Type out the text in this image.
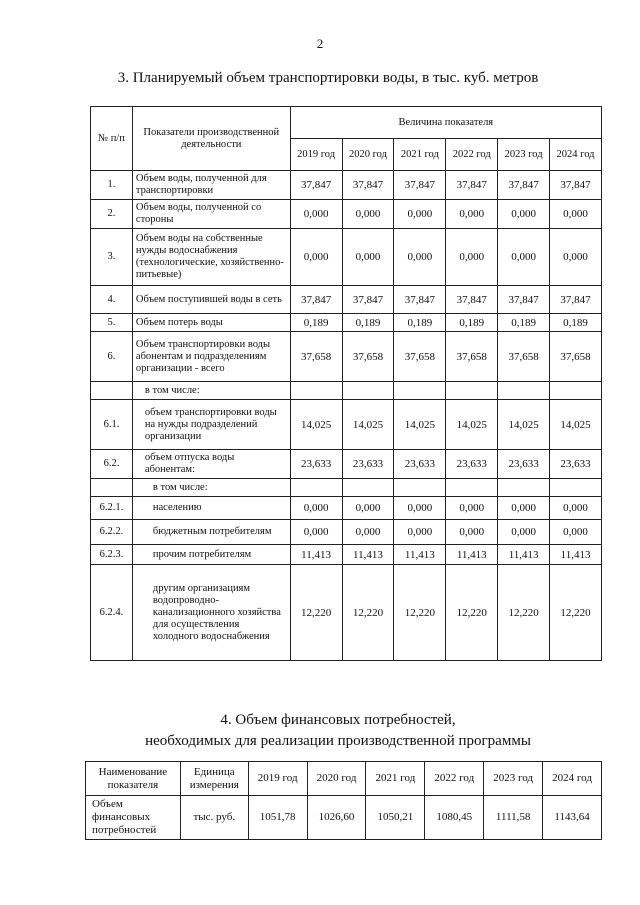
2
3. Планируемый объем транспортировки воды, в тыс. куб. метров
№ п/п	Показатели производственной деятельности	Величина показателя					
		2019 год	2020 год	2021 год	2022 год	2023 год	2024 год
1.	Объем воды, полученной для транспортировки	37,847	37,847	37,847	37,847	37,847	37,847
2.	Объем воды, полученной со стороны	0,000	0,000	0,000	0,000	0,000	0,000
3.	Объем воды на собственные нужды водоснабжения (технологические, хозяйственно-питьевые)	0,000	0,000	0,000	0,000	0,000	0,000
4.	Объем поступившей воды в сеть	37,847	37,847	37,847	37,847	37,847	37,847
5.	Объем потерь воды	0,189	0,189	0,189	0,189	0,189	0,189
6.	Объем транспортировки воды абонентам и подразделениям организации - всего	37,658	37,658	37,658	37,658	37,658	37,658
	в том числе:						
6.1.	объем транспортировки воды на нужды подразделений организации	14,025	14,025	14,025	14,025	14,025	14,025
6.2.	объем отпуска воды абонентам:	23,633	23,633	23,633	23,633	23,633	23,633
	в том числе:						
6.2.1.	населению	0,000	0,000	0,000	0,000	0,000	0,000
6.2.2.	бюджетным потребителям	0,000	0,000	0,000	0,000	0,000	0,000
6.2.3.	прочим потребителям	11,413	11,413	11,413	11,413	11,413	11,413
6.2.4.	другим организациям водопроводно-канализационного хозяйства для осуществления холодного водоснабжения	12,220	12,220	12,220	12,220	12,220	12,220
4. Объем финансовых потребностей,
необходимых для реализации производственной программы
Наименование показателя	Единица измерения	2019 год	2020 год	2021 год	2022 год	2023 год	2024 год
Объем финансовых потребностей	тыс. руб.	1051,78	1026,60	1050,21	1080,45	1111,58	1143,64
